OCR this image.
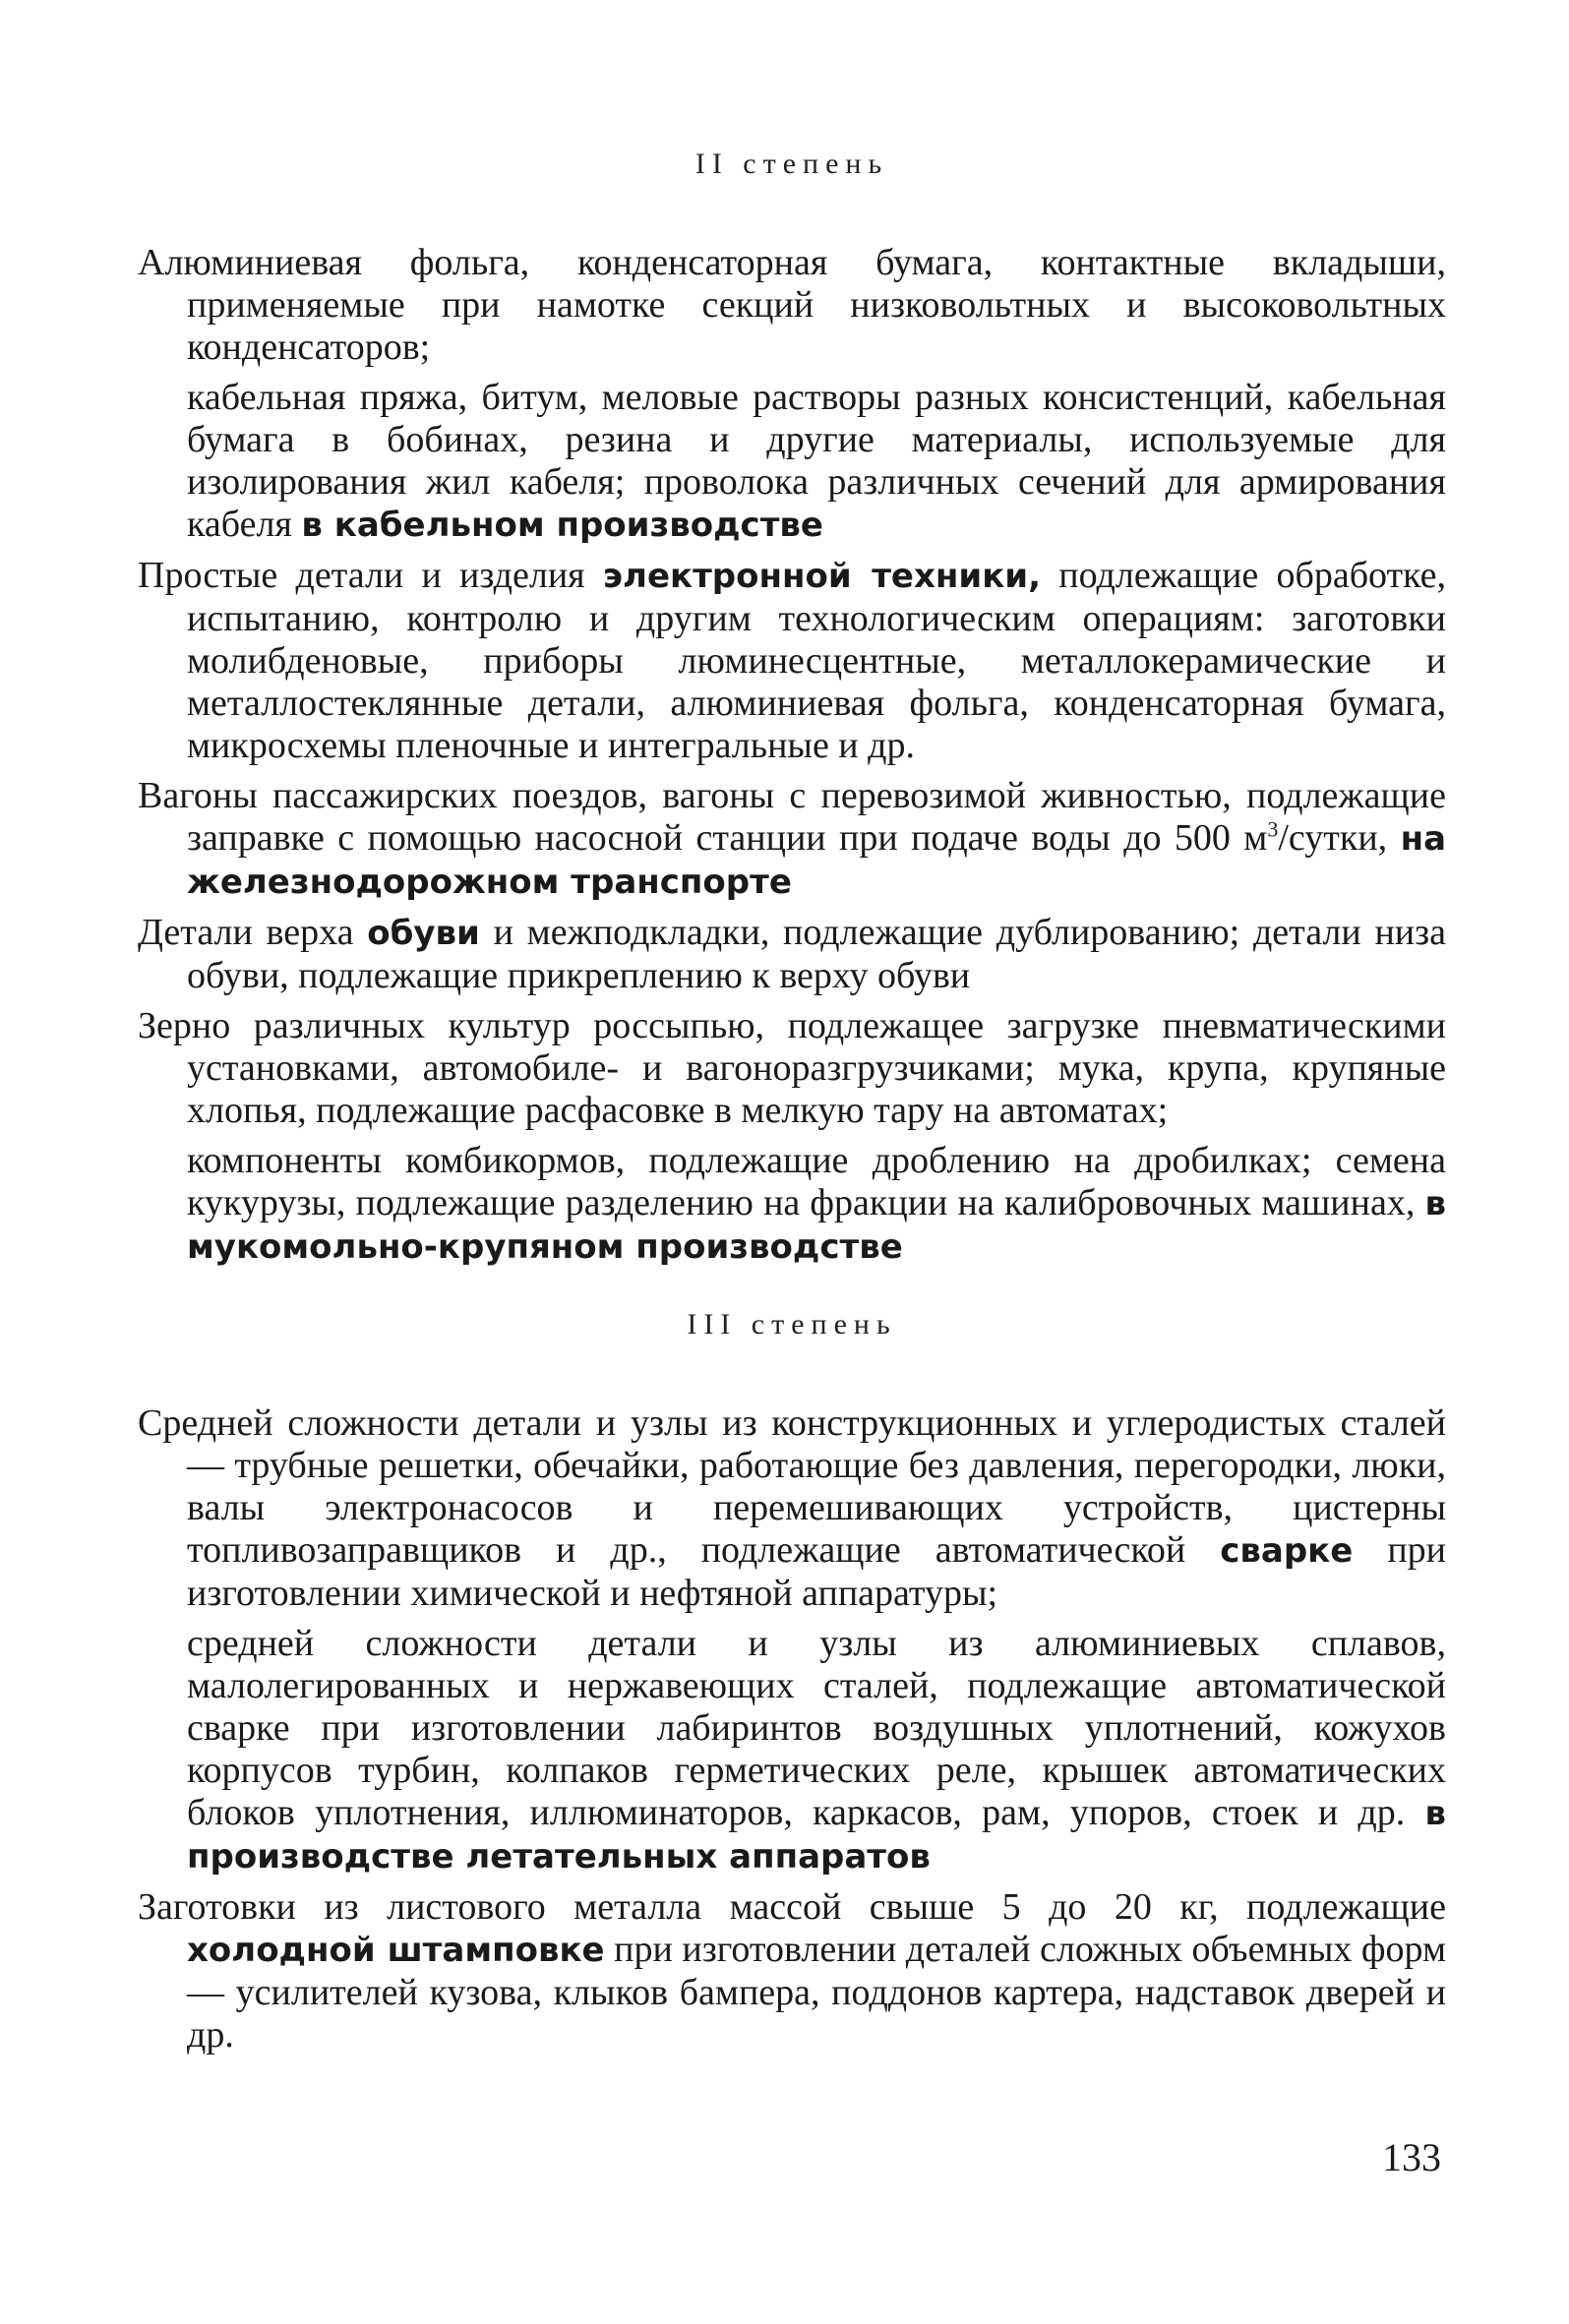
II степень

Алюминиевая фольга, конденсаторная бумага, контактные вкладыши, применяемые при намотке секций низковольтных и высоковольтных конденсаторов;

кабельная пряжа, битум, меловые растворы разных консистенций, кабельная бумага в бобинах, резина и другие материалы, используемые для изолирования жил кабеля; проволока различных сечений для армирования кабеля в кабельном производстве

Простые детали и изделия электронной техники, подлежащие обработке, испытанию, контролю и другим технологическим операциям: заготовки молибденовые, приборы люминесцентные, металлокерамические и металлостеклянные детали, алюминиевая фольга, конденсаторная бумага, микросхемы пленочные и интегральные и др.

Вагоны пассажирских поездов, вагоны с перевозимой живностью, подлежащие заправке с помощью насосной станции при подаче воды до 500 $м^3$/сутки, на железнодорожном транспорте

Детали верха обуви и межподкладки, подлежащие дублированию; детали низа обуви, подлежащие прикреплению к верху обуви

Зерно различных культур россыпью, подлежащее загрузке пневматическими установками, автомобиле- и вагоноразгрузчиками; мука, крупа, крупяные хлопья, подлежащие расфасовке в мелкую тару на автоматах;

компоненты комбикормов, подлежащие дроблению на дробилках; семена кукурузы, подлежащие разделению на фракции на калибровочных машинах, в мукомольно-крупяном производстве

III степень

Средней сложности детали и узлы из конструкционных и углеродистых сталей — трубные решетки, обечайки, работающие без давления, перегородки, люки, валы электронасосов и перемешивающих устройств, цистерны топливозаправщиков и др., подлежащие автоматической сварке при изготовлении химической и нефтяной аппаратуры;

средней сложности детали и узлы из алюминиевых сплавов, малолегированных и нержавеющих сталей, подлежащие автоматической сварке при изготовлении лабиринтов воздушных уплотнений, кожухов корпусов турбин, колпаков герметических реле, крышек автоматических блоков уплотнения, иллюминаторов, каркасов, рам, упоров, стоек и др. в производстве летательных аппаратов

Заготовки из листового металла массой свыше 5 до 20 кг, подлежащие холодной штамповке при изготовлении деталей сложных объемных форм — усилителей кузова, клыков бампера, поддонов картера, надставок дверей и др.

133
